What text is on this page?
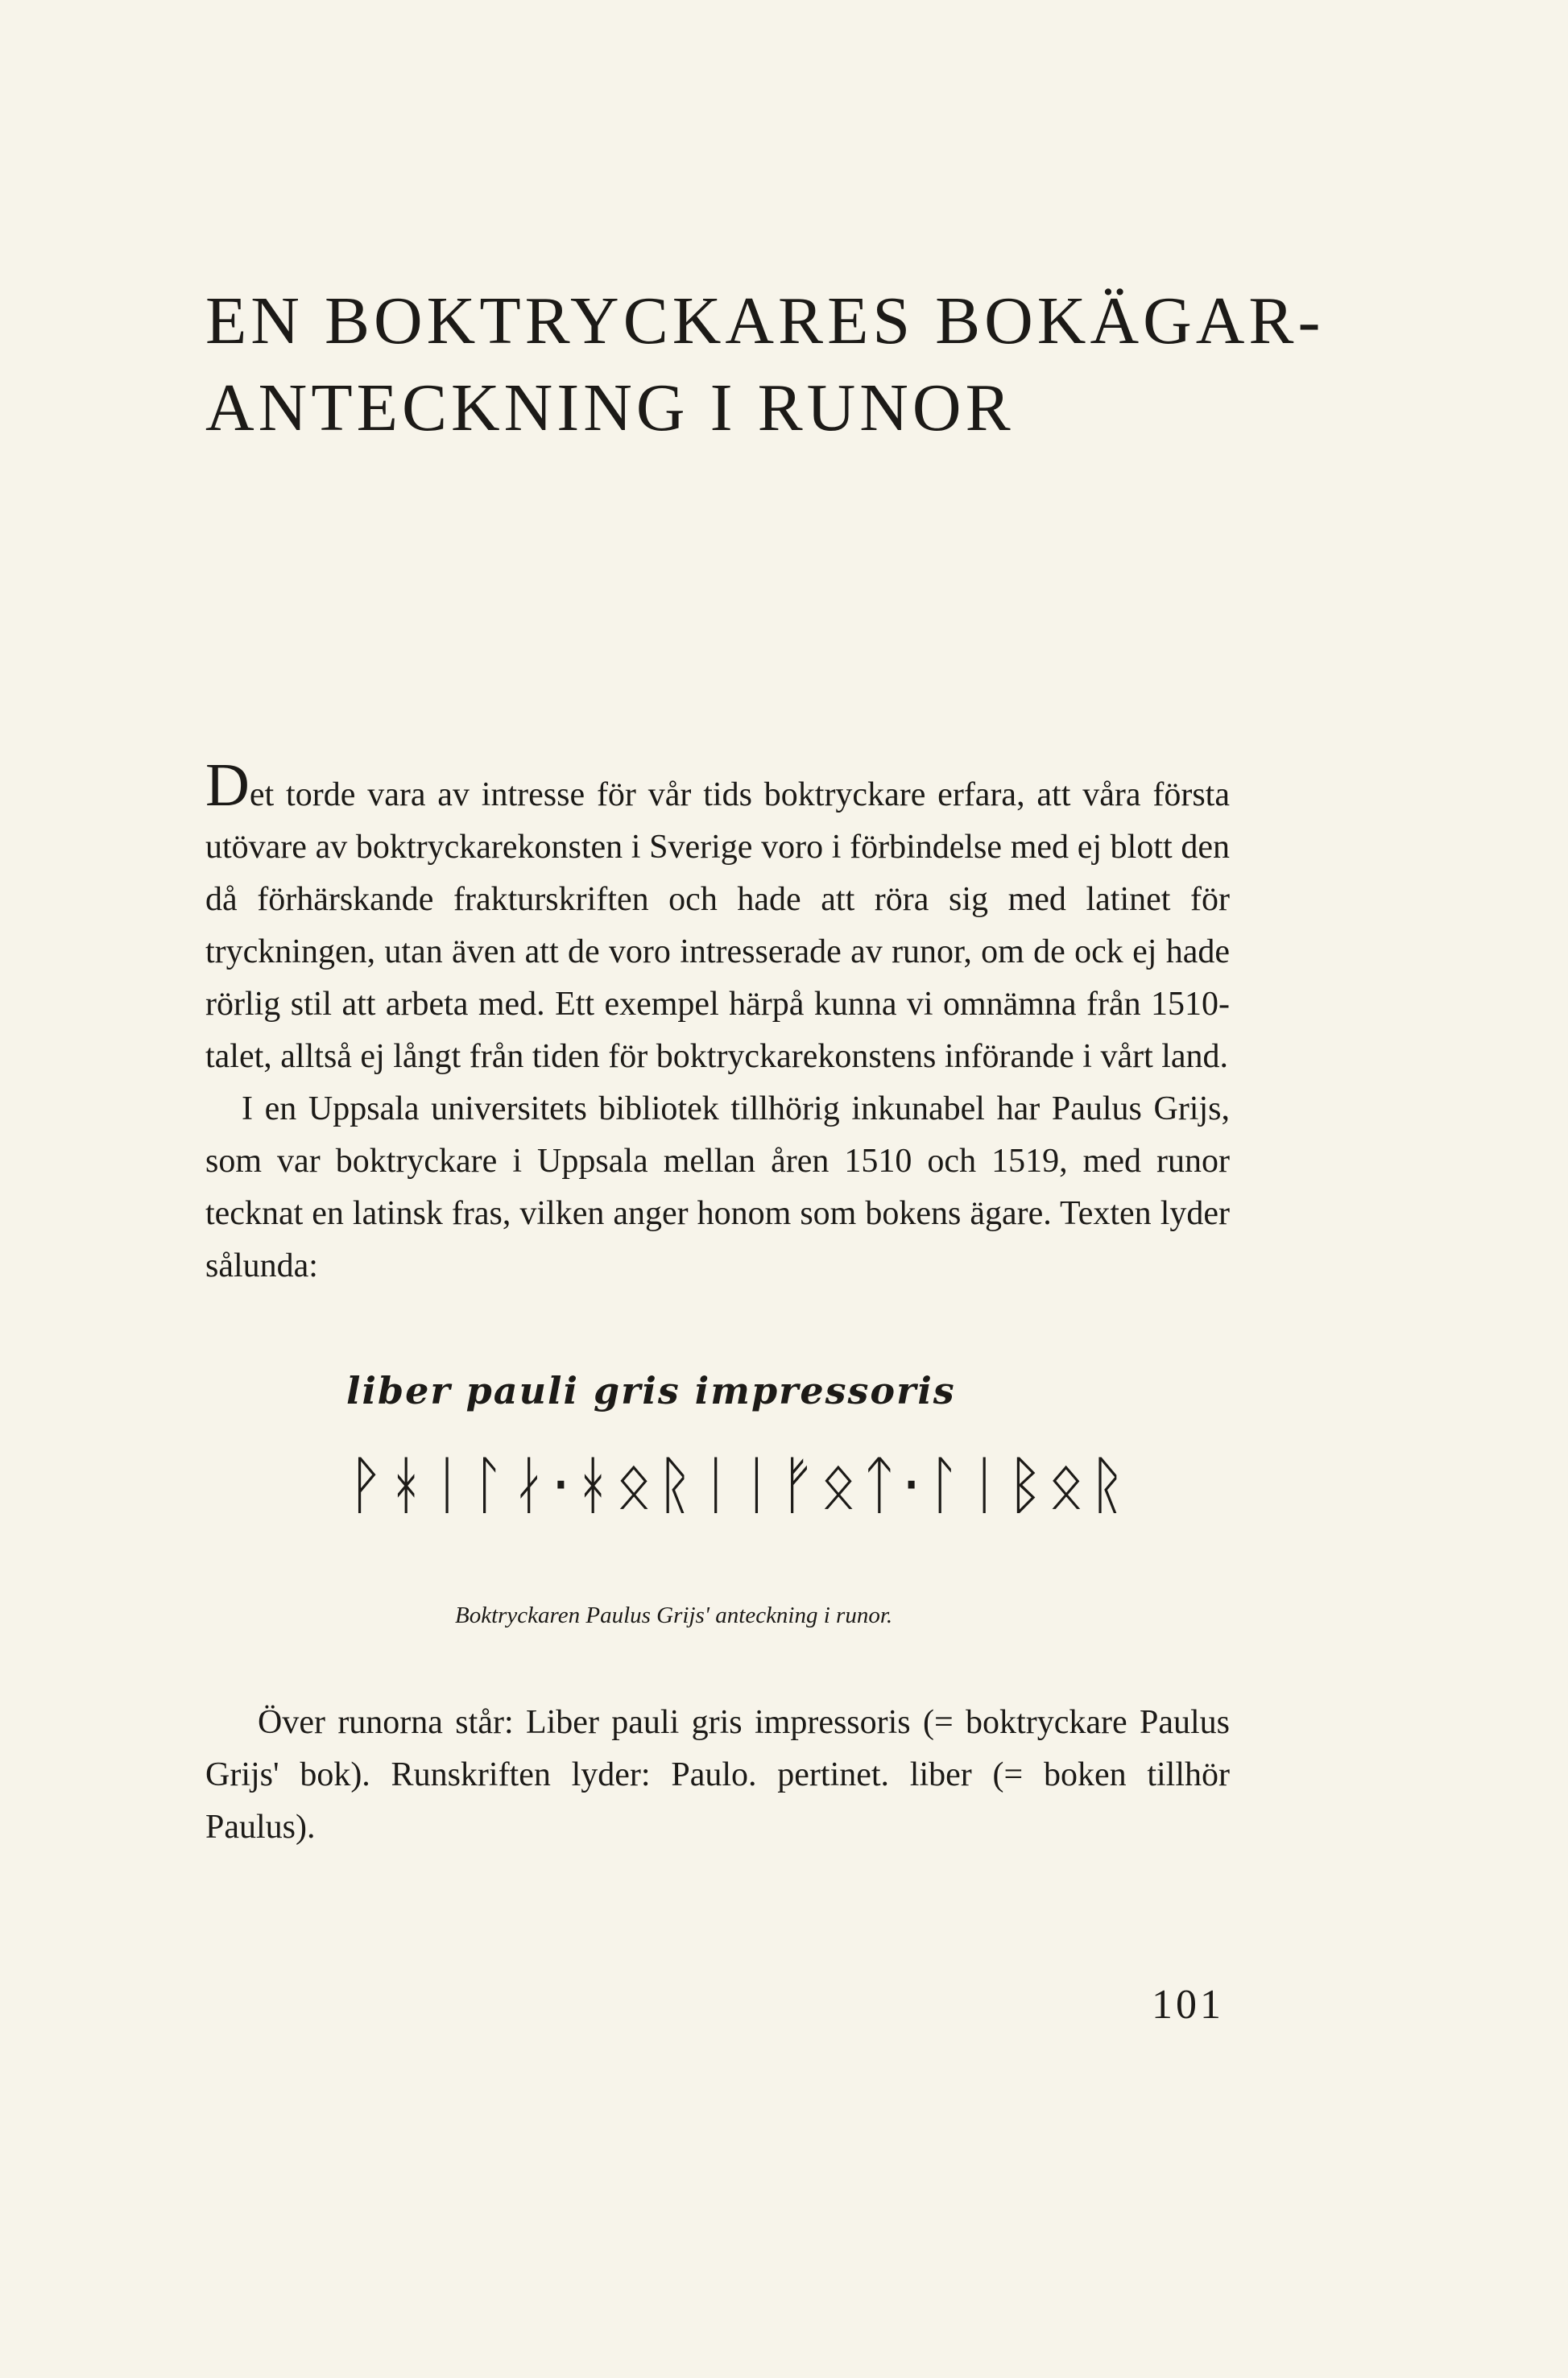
EN BOKTRYCKARES BOKÄGAR-
ANTECKNING I RUNOR

Det torde vara av intresse för vår tids boktryckare erfara, att våra första utövare av boktryckarekonsten i Sverige voro i förbindelse med ej blott den då förhärskande frakturskriften och hade att röra sig med latinet för tryckningen, utan även att de voro intresserade av runor, om de ock ej hade rörlig stil att arbeta med. Ett exempel härpå kunna vi omnämna från 1510-talet, alltså ej långt från tiden för boktryckarekonstens införande i vårt land.

I en Uppsala universitets bibliotek tillhörig inkunabel har Paulus Grijs, som var boktryckare i Uppsala mellan åren 1510 och 1519, med runor tecknat en latinsk fras, vilken anger honom som bokens ägare. Texten lyder sålunda:

liber pauli gris impressoris
ᚹᚼᛁᛚᛅ·ᚼᛟᚱᛁᛁᚠᛟᛏ·ᛚᛁᛒᛟᚱ
Boktryckaren Paulus Grijs' anteckning i runor.

Över runorna står: Liber pauli gris impressoris (= boktryckare Paulus Grijs' bok). Runskriften lyder: Paulo. pertinet. liber (= boken tillhör Paulus).

101
